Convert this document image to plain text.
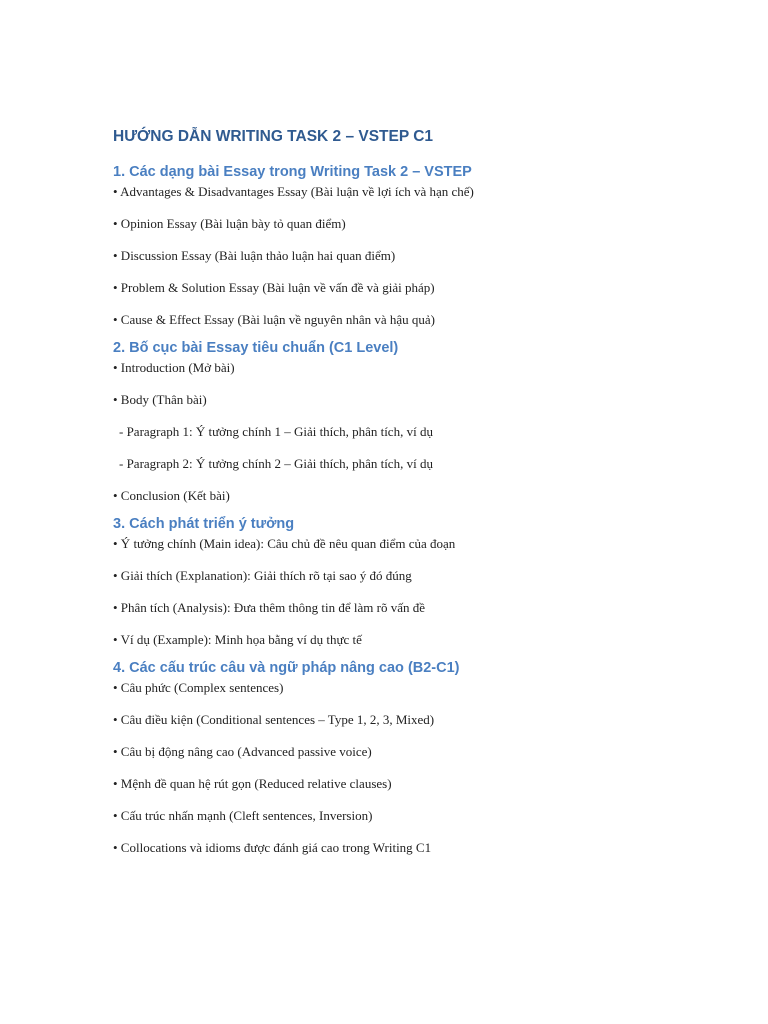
HƯỚNG DẪN WRITING TASK 2 – VSTEP C1
1. Các dạng bài Essay trong Writing Task 2 – VSTEP

• Advantages & Disadvantages Essay (Bài luận về lợi ích và hạn chế)

• Opinion Essay (Bài luận bày tỏ quan điểm)

• Discussion Essay (Bài luận thảo luận hai quan điểm)

• Problem & Solution Essay (Bài luận về vấn đề và giải pháp)

• Cause & Effect Essay (Bài luận về nguyên nhân và hậu quả)

2. Bố cục bài Essay tiêu chuẩn (C1 Level)

• Introduction (Mở bài)

• Body (Thân bài)

- Paragraph 1: Ý tưởng chính 1 – Giải thích, phân tích, ví dụ

- Paragraph 2: Ý tưởng chính 2 – Giải thích, phân tích, ví dụ

• Conclusion (Kết bài)

3. Cách phát triển ý tưởng

• Ý tưởng chính (Main idea): Câu chủ đề nêu quan điểm của đoạn

• Giải thích (Explanation): Giải thích rõ tại sao ý đó đúng

• Phân tích (Analysis): Đưa thêm thông tin để làm rõ vấn đề

• Ví dụ (Example): Minh họa bằng ví dụ thực tế

4. Các cấu trúc câu và ngữ pháp nâng cao (B2-C1)

• Câu phức (Complex sentences)

• Câu điều kiện (Conditional sentences – Type 1, 2, 3, Mixed)

• Câu bị động nâng cao (Advanced passive voice)

• Mệnh đề quan hệ rút gọn (Reduced relative clauses)

• Cấu trúc nhấn mạnh (Cleft sentences, Inversion)

• Collocations và idioms được đánh giá cao trong Writing C1
